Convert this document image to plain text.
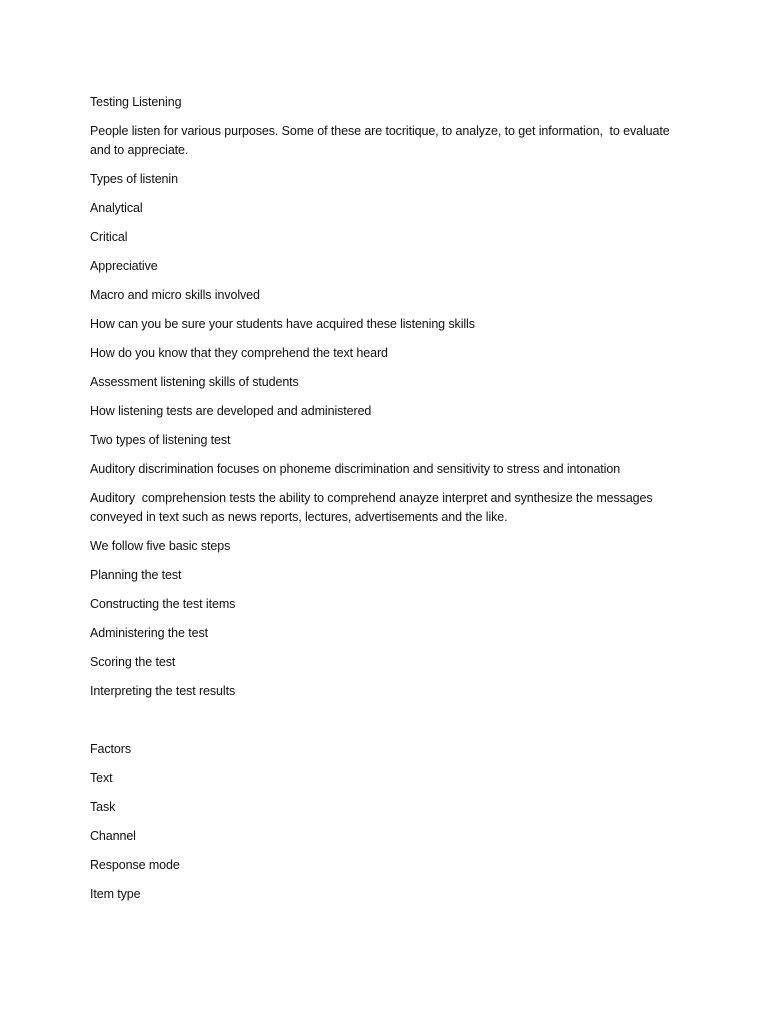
Testing Listening

People listen for various purposes. Some of these are tocritique, to analyze, to get information,  to evaluate and to appreciate.

Types of listenin

Analytical

Critical

Appreciative

Macro and micro skills involved

How can you be sure your students have acquired these listening skills

How do you know that they comprehend the text heard

Assessment listening skills of students

How listening tests are developed and administered

Two types of listening test

Auditory discrimination focuses on phoneme discrimination and sensitivity to stress and intonation

Auditory  comprehension tests the ability to comprehend anayze interpret and synthesize the messages conveyed in text such as news reports, lectures, advertisements and the like.

We follow five basic steps

Planning the test

Constructing the test items

Administering the test

Scoring the test

Interpreting the test results

Factors

Text

Task

Channel

Response mode

Item type
